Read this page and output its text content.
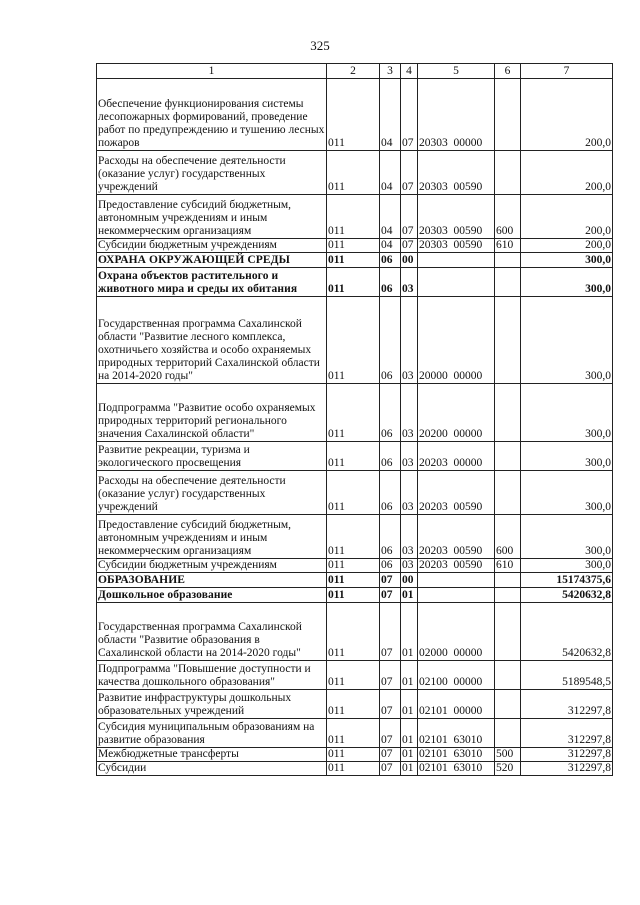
325
1	2	3	4	5	6	7
Обеспечение функционирования системы лесопожарных формирований, проведение работ по предупреждению и тушению лесных пожаров	011	04	07	20303  00000		200,0
Расходы на обеспечение деятельности (оказание услуг) государственных учреждений	011	04	07	20303  00590		200,0
Предоставление субсидий бюджетным, автономным учреждениям и иным некоммерческим организациям	011	04	07	20303  00590	600	200,0
Субсидии бюджетным учреждениям	011	04	07	20303  00590	610	200,0
ОХРАНА ОКРУЖАЮЩЕЙ СРЕДЫ	011	06	00			300,0
Охрана объектов растительного и животного мира и среды их обитания	011	06	03			300,0
Государственная программа Сахалинской области "Развитие лесного комплекса, охотничьего хозяйства и особо охраняемых природных территорий Сахалинской области на 2014-2020 годы"	011	06	03	20000  00000		300,0
Подпрограмма "Развитие особо охраняемых природных территорий регионального значения Сахалинской области"	011	06	03	20200  00000		300,0
Развитие рекреации, туризма и экологического просвещения	011	06	03	20203  00000		300,0
Расходы на обеспечение деятельности (оказание услуг) государственных учреждений	011	06	03	20203  00590		300,0
Предоставление субсидий бюджетным, автономным учреждениям и иным некоммерческим организациям	011	06	03	20203  00590	600	300,0
Субсидии бюджетным учреждениям	011	06	03	20203  00590	610	300,0
ОБРАЗОВАНИЕ	011	07	00			15174375,6
Дошкольное образование	011	07	01			5420632,8
Государственная программа Сахалинской области "Развитие образования в Сахалинской области на 2014-2020 годы"	011	07	01	02000  00000		5420632,8
Подпрограмма "Повышение доступности и качества дошкольного образования"	011	07	01	02100  00000		5189548,5
Развитие инфраструктуры дошкольных образовательных учреждений	011	07	01	02101  00000		312297,8
Субсидия муниципальным образованиям на развитие образования	011	07	01	02101  63010		312297,8
Межбюджетные трансферты	011	07	01	02101  63010	500	312297,8
Субсидии	011	07	01	02101  63010	520	312297,8
